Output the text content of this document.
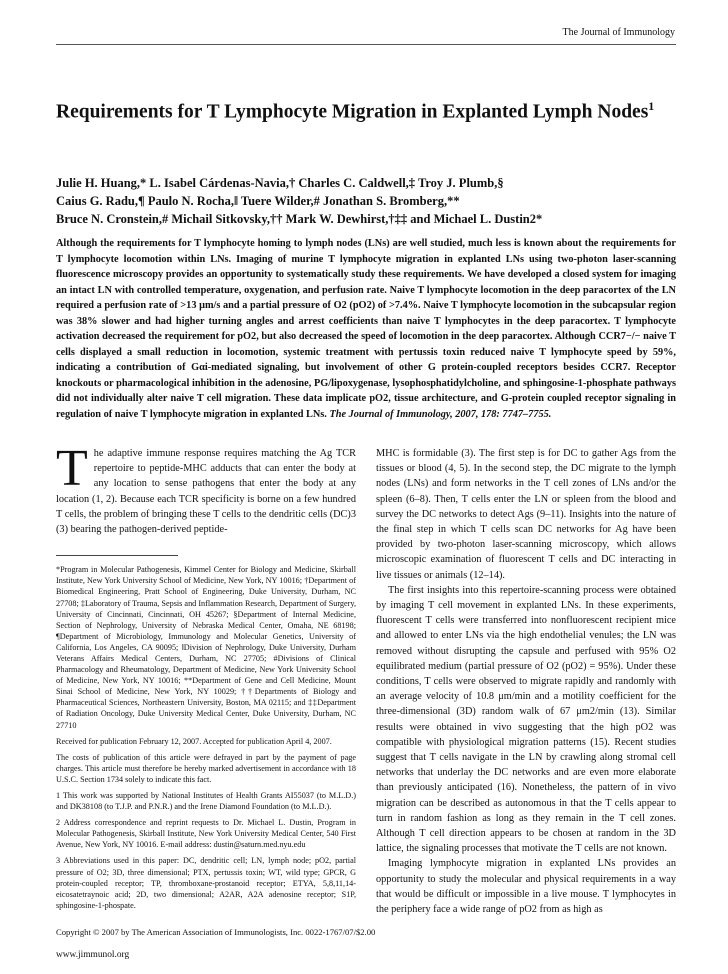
The Journal of Immunology
Requirements for T Lymphocyte Migration in Explanted Lymph Nodes$^1$
Julie H. Huang,* L. Isabel Cárdenas-Navia,† Charles C. Caldwell,‡ Troy J. Plumb,§
Caius G. Radu,¶ Paulo N. Rocha,‖ Tuere Wilder,# Jonathan S. Bromberg,**
Bruce N. Cronstein,# Michail Sitkovsky,†† Mark W. Dewhirst,†‡‡ and Michael L. Dustin2*

Although the requirements for T lymphocyte homing to lymph nodes (LNs) are well studied, much less is known about the requirements for T lymphocyte locomotion within LNs. Imaging of murine T lymphocyte migration in explanted LNs using two-photon laser-scanning fluorescence microscopy provides an opportunity to systematically study these requirements. We have developed a closed system for imaging an intact LN with controlled temperature, oxygenation, and perfusion rate. Naive T lymphocyte locomotion in the deep paracortex of the LN required a perfusion rate of >13 μm/s and a partial pressure of O2 (pO2) of >7.4%. Naive T lymphocyte locomotion in the subcapsular region was 38% slower and had higher turning angles and arrest coefficients than naive T lymphocytes in the deep paracortex. T lymphocyte activation decreased the requirement for pO2, but also decreased the speed of locomotion in the deep paracortex. Although CCR7−/− naive T cells displayed a small reduction in locomotion, systemic treatment with pertussis toxin reduced naive T lymphocyte speed by 59%, indicating a contribution of Gαi-mediated signaling, but involvement of other G protein-coupled receptors besides CCR7. Receptor knockouts or pharmacological inhibition in the adenosine, PG/lipoxygenase, lysophosphatidylcholine, and sphingosine-1-phosphate pathways did not individually alter naive T cell migration. These data implicate pO2, tissue architecture, and G-protein coupled receptor signaling in regulation of naive T lymphocyte migration in explanted LNs. The Journal of Immunology, 2007, 178: 7747–7755.

The adaptive immune response requires matching the Ag TCR repertoire to peptide-MHC adducts that can enter the body at any location to sense pathogens that enter the body at any location (1, 2). Because each TCR specificity is borne on a few hundred T cells, the problem of bringing these T cells to the dendritic cells (DC)3 (3) bearing the pathogen-derived peptide-

*Program in Molecular Pathogenesis, Kimmel Center for Biology and Medicine, Skirball Institute, New York University School of Medicine, New York, NY 10016; †Department of Biomedical Engineering, Pratt School of Engineering, Duke University, Durham, NC 27708; ‡Laboratory of Trauma, Sepsis and Inflammation Research, Department of Surgery, University of Cincinnati, Cincinnati, OH 45267; §Department of Internal Medicine, Section of Nephrology, University of Nebraska Medical Center, Omaha, NE 68198; ¶Department of Microbiology, Immunology and Molecular Genetics, University of California, Los Angeles, CA 90095; ‖Division of Nephrology, Duke University, Durham Veterans Affairs Medical Centers, Durham, NC 27705; #Divisions of Clinical Pharmacology and Rheumatology, Department of Medicine, New York University School of Medicine, New York, NY 10016; **Department of Gene and Cell Medicine, Mount Sinai School of Medicine, New York, NY 10029; ††Departments of Biology and Pharmaceutical Sciences, Northeastern University, Boston, MA 02115; and ‡‡Department of Radiation Oncology, Duke University Medical Center, Duke University, Durham, NC 27710

Received for publication February 12, 2007. Accepted for publication April 4, 2007.

The costs of publication of this article were defrayed in part by the payment of page charges. This article must therefore be hereby marked advertisement in accordance with 18 U.S.C. Section 1734 solely to indicate this fact.

1 This work was supported by National Institutes of Health Grants AI55037 (to M.L.D.) and DK38108 (to T.J.P. and P.N.R.) and the Irene Diamond Foundation (to M.L.D.).

2 Address correspondence and reprint requests to Dr. Michael L. Dustin, Program in Molecular Pathogenesis, Skirball Institute, New York University Medical Center, 540 First Avenue, New York, NY 10016. E-mail address: dustin@saturn.med.nyu.edu

3 Abbreviations used in this paper: DC, dendritic cell; LN, lymph node; pO2, partial pressure of O2; 3D, three dimensional; PTX, pertussis toxin; WT, wild type; GPCR, G protein-coupled receptor; TP, thromboxane-prostanoid receptor; ETYA, 5,8,11,14-eicosatetraynoic acid; 2D, two dimensional; A2AR, A2A adenosine receptor; S1P, sphingosine-1-phospate.

MHC is formidable (3). The first step is for DC to gather Ags from the tissues or blood (4, 5). In the second step, the DC migrate to the lymph nodes (LNs) and form networks in the T cell zones of LNs and/or the spleen (6–8). Then, T cells enter the LN or spleen from the blood and survey the DC networks to detect Ags (9–11). Insights into the nature of the final step in which T cells scan DC networks for Ag have been provided by two-photon laser-scanning microscopy, which allows microscopic examination of fluorescent T cells and DC interacting in live tissues or animals (12–14).

The first insights into this repertoire-scanning process were obtained by imaging T cell movement in explanted LNs. In these experiments, fluorescent T cells were transferred into nonfluorescent recipient mice and allowed to enter LNs via the high endothelial venules; the LN was removed without disrupting the capsule and perfused with 95% O2 equilibrated medium (partial pressure of O2 (pO2) = 95%). Under these conditions, T cells were observed to migrate rapidly and randomly with an average velocity of 10.8 μm/min and a motility coefficient for the three-dimensional (3D) random walk of 67 μm2/min (13). Similar results were obtained in vivo suggesting that the high pO2 was compatible with physiological migration patterns (15). Recent studies suggest that T cells navigate in the LN by crawling along stromal cell networks that underlay the DC networks and are even more elaborate than previously anticipated (16). Nonetheless, the pattern of in vivo migration can be described as autonomous in that the T cells appear to turn in random fashion as long as they remain in the T cell zones. Although T cell direction appears to be chosen at random in the 3D lattice, the signaling processes that motivate the T cells are not known.

Imaging lymphocyte migration in explanted LNs provides an opportunity to study the molecular and physical requirements in a way that would be difficult or impossible in a live mouse. T lymphocytes in the periphery face a wide range of pO2 from as high as

Copyright © 2007 by The American Association of Immunologists, Inc. 0022-1767/07/$2.00
www.jimmunol.org
